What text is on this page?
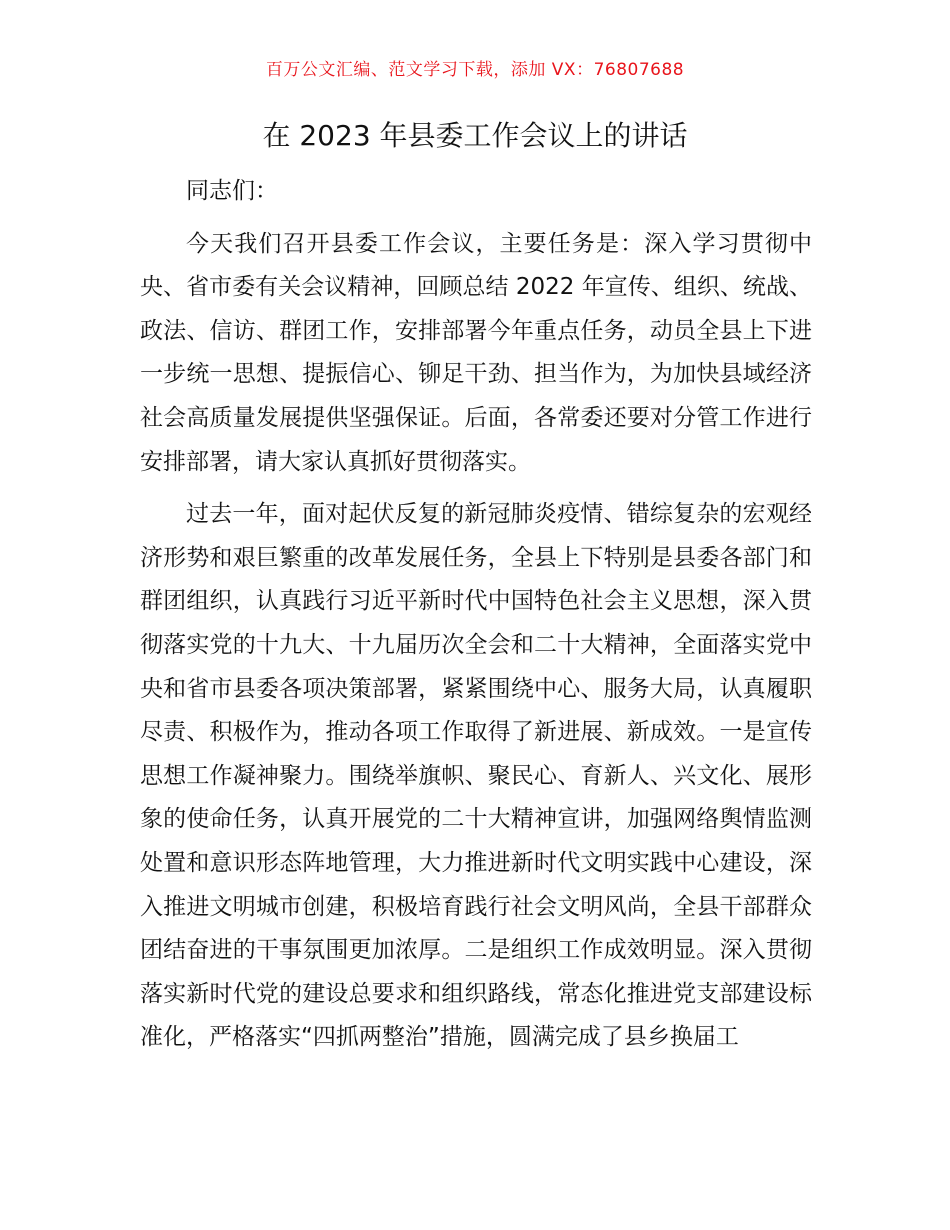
百万公文汇编、范文学习下载，添加 VX：76807688
在 2023 年县委工作会议上的讲话

同志们：

今天我们召开县委工作会议，主要任务是：深入学习贯彻中央、省市委有关会议精神，回顾总结 2022 年宣传、组织、统战、政法、信访、群团工作，安排部署今年重点任务，动员全县上下进一步统一思想、提振信心、铆足干劲、担当作为，为加快县域经济社会高质量发展提供坚强保证。后面，各常委还要对分管工作进行安排部署，请大家认真抓好贯彻落实。

过去一年，面对起伏反复的新冠肺炎疫情、错综复杂的宏观经济形势和艰巨繁重的改革发展任务，全县上下特别是县委各部门和群团组织，认真践行习近平新时代中国特色社会主义思想，深入贯彻落实党的十九大、十九届历次全会和二十大精神，全面落实党中央和省市县委各项决策部署，紧紧围绕中心、服务大局，认真履职尽责、积极作为，推动各项工作取得了新进展、新成效。一是宣传思想工作凝神聚力。围绕举旗帜、聚民心、育新人、兴文化、展形象的使命任务，认真开展党的二十大精神宣讲，加强网络舆情监测处置和意识形态阵地管理，大力推进新时代文明实践中心建设，深入推进文明城市创建，积极培育践行社会文明风尚，全县干部群众团结奋进的干事氛围更加浓厚。二是组织工作成效明显。深入贯彻落实新时代党的建设总要求和组织路线，常态化推进党支部建设标准化，严格落实“四抓两整治”措施，圆满完成了县乡换届工
